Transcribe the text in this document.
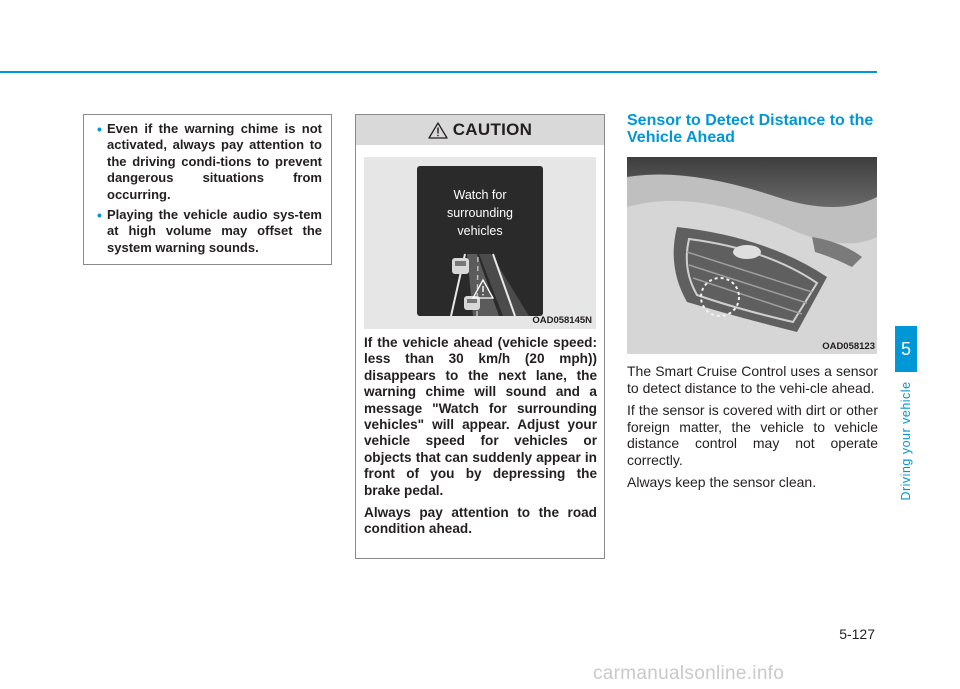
• Even if the warning chime is not activated, always pay attention to the driving condi-tions to prevent dangerous situations from occurring.
• Playing the vehicle audio sys-tem at high volume may offset the system warning sounds.
CAUTION
Watch for
surrounding
vehicles
OAD058145N

If the vehicle ahead (vehicle speed: less than 30 km/h (20 mph)) disappears to the next lane, the warning chime will sound and a message "Watch for surrounding vehicles" will appear. Adjust your vehicle speed for vehicles or objects that can suddenly appear in front of you by depressing the brake pedal.

Always pay attention to the road condition ahead.

Sensor to Detect Distance to the Vehicle Ahead
OAD058123

The Smart Cruise Control uses a sensor to detect distance to the vehi-cle ahead.

If the sensor is covered with dirt or other foreign matter, the vehicle to vehicle distance control may not operate correctly.

Always keep the sensor clean.

5
Driving your vehicle
5-127
carmanualsonline.info
